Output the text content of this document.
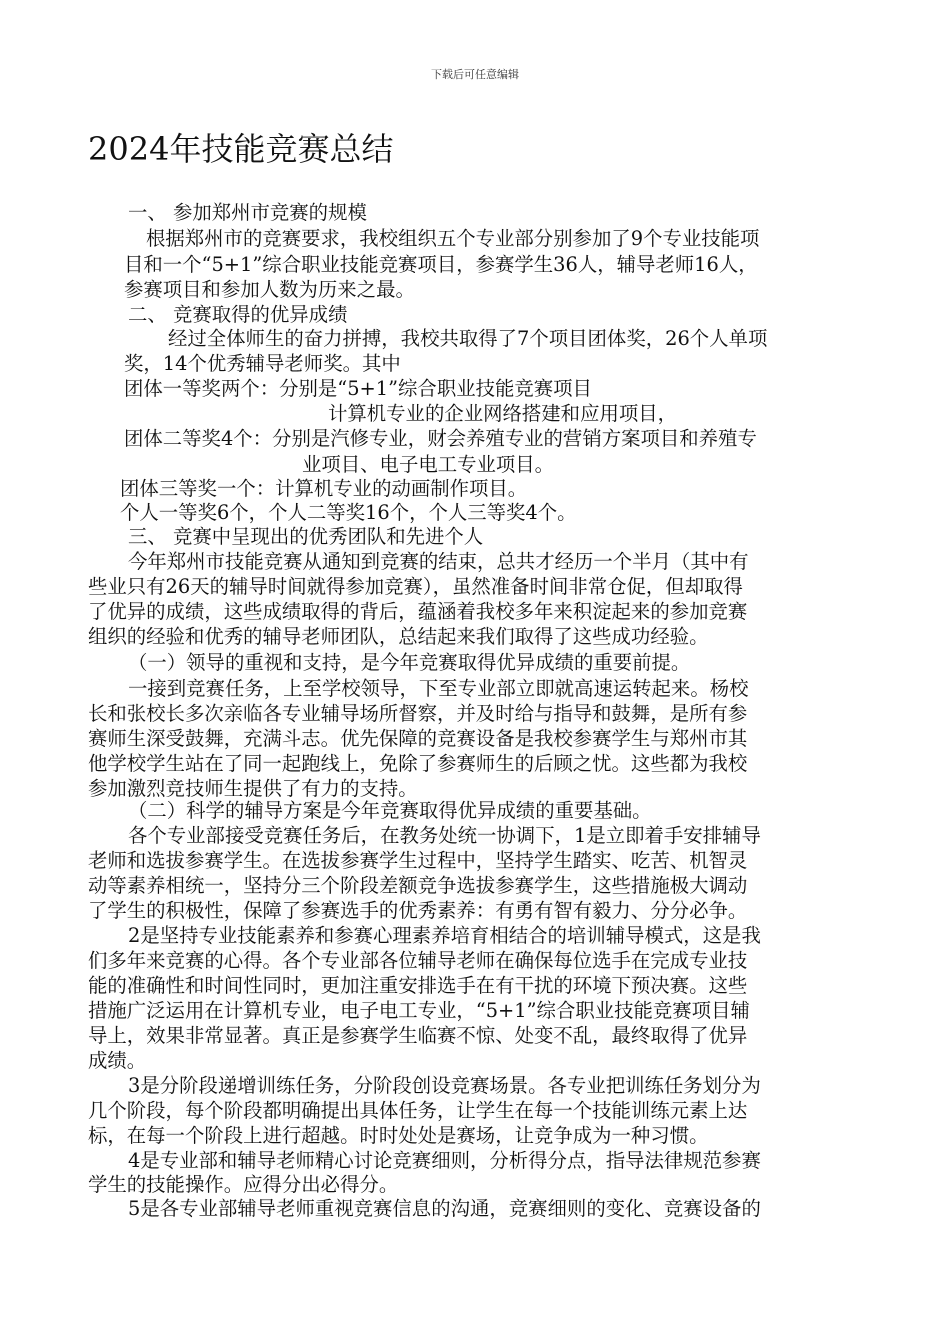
下载后可任意编辑
2024年技能竞赛总结
一、 参加郑州市竞赛的规模
根据郑州市的竞赛要求，我校组织五个专业部分别参加了9个专业技能项
目和一个“5+1”综合职业技能竞赛项目，参赛学生36人，辅导老师16人，
参赛项目和参加人数为历来之最。
二、 竞赛取得的优异成绩
经过全体师生的奋力拼搏，我校共取得了7个项目团体奖，26个人单项
奖，14个优秀辅导老师奖。其中
团体一等奖两个：分别是“5+1”综合职业技能竞赛项目
计算机专业的企业网络搭建和应用项目，
团体二等奖4个：分别是汽修专业，财会养殖专业的营销方案项目和养殖专
业项目、电子电工专业项目。
团体三等奖一个：计算机专业的动画制作项目。
个人一等奖6个，个人二等奖16个，个人三等奖4个。
三、 竞赛中呈现出的优秀团队和先进个人
今年郑州市技能竞赛从通知到竞赛的结束，总共才经历一个半月（其中有
些业只有26天的辅导时间就得参加竞赛），虽然准备时间非常仓促，但却取得
了优异的成绩，这些成绩取得的背后，蕴涵着我校多年来积淀起来的参加竞赛
组织的经验和优秀的辅导老师团队，总结起来我们取得了这些成功经验。
（一）领导的重视和支持，是今年竞赛取得优异成绩的重要前提。
一接到竞赛任务，上至学校领导，下至专业部立即就高速运转起来。杨校
长和张校长多次亲临各专业辅导场所督察，并及时给与指导和鼓舞，是所有参
赛师生深受鼓舞，充满斗志。优先保障的竞赛设备是我校参赛学生与郑州市其
他学校学生站在了同一起跑线上，免除了参赛师生的后顾之忧。这些都为我校
参加激烈竞技师生提供了有力的支持。
（二）科学的辅导方案是今年竞赛取得优异成绩的重要基础。
各个专业部接受竞赛任务后，在教务处统一协调下，1是立即着手安排辅导
老师和选拔参赛学生。在选拔参赛学生过程中，坚持学生踏实、吃苦、机智灵
动等素养相统一，坚持分三个阶段差额竞争选拔参赛学生，这些措施极大调动
了学生的积极性，保障了参赛选手的优秀素养：有勇有智有毅力、分分必争。
2是坚持专业技能素养和参赛心理素养培育相结合的培训辅导模式，这是我
们多年来竞赛的心得。各个专业部各位辅导老师在确保每位选手在完成专业技
能的准确性和时间性同时，更加注重安排选手在有干扰的环境下预决赛。这些
措施广泛运用在计算机专业，电子电工专业，“5+1”综合职业技能竞赛项目辅
导上，效果非常显著。真正是参赛学生临赛不惊、处变不乱，最终取得了优异
成绩。
3是分阶段递增训练任务，分阶段创设竞赛场景。各专业把训练任务划分为
几个阶段，每个阶段都明确提出具体任务，让学生在每一个技能训练元素上达
标，在每一个阶段上进行超越。时时处处是赛场，让竞争成为一种习惯。
4是专业部和辅导老师精心讨论竞赛细则，分析得分点，指导法律规范参赛
学生的技能操作。应得分出必得分。
5是各专业部辅导老师重视竞赛信息的沟通，竞赛细则的变化、竞赛设备的
